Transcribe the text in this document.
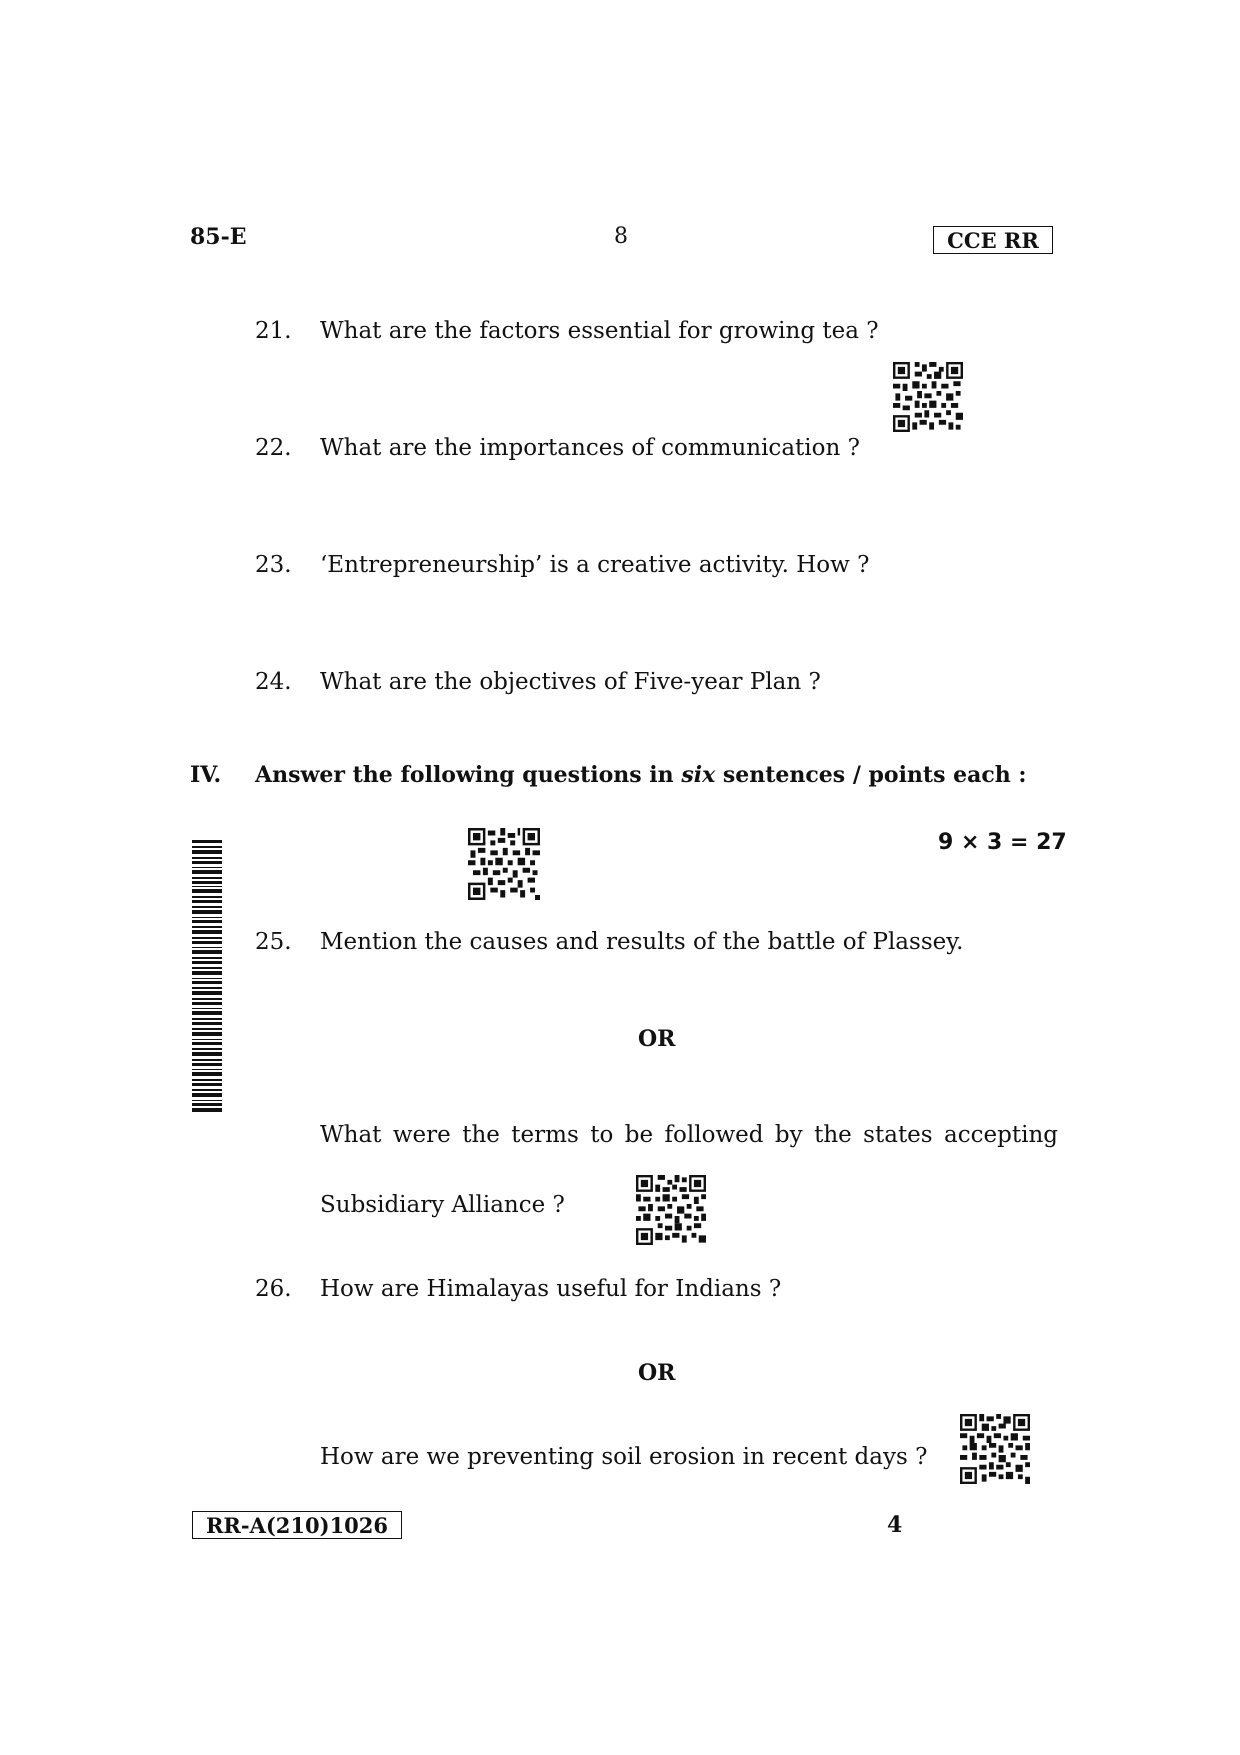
85-E	8	CCE RR
21. What are the factors essential for growing tea ?
22. What are the importances of communication ?
23. ‘Entrepreneurship’ is a creative activity. How ?
24. What are the objectives of Five-year Plan ?
IV. Answer the following questions in six sentences / points each :
9 × 3 = 27
25. Mention the causes and results of the battle of Plassey.
OR
What were the terms to be followed by the states accepting
Subsidiary Alliance ?
26. How are Himalayas useful for Indians ?
OR
How are we preventing soil erosion in recent days ?
RR-A(210)1026	4
